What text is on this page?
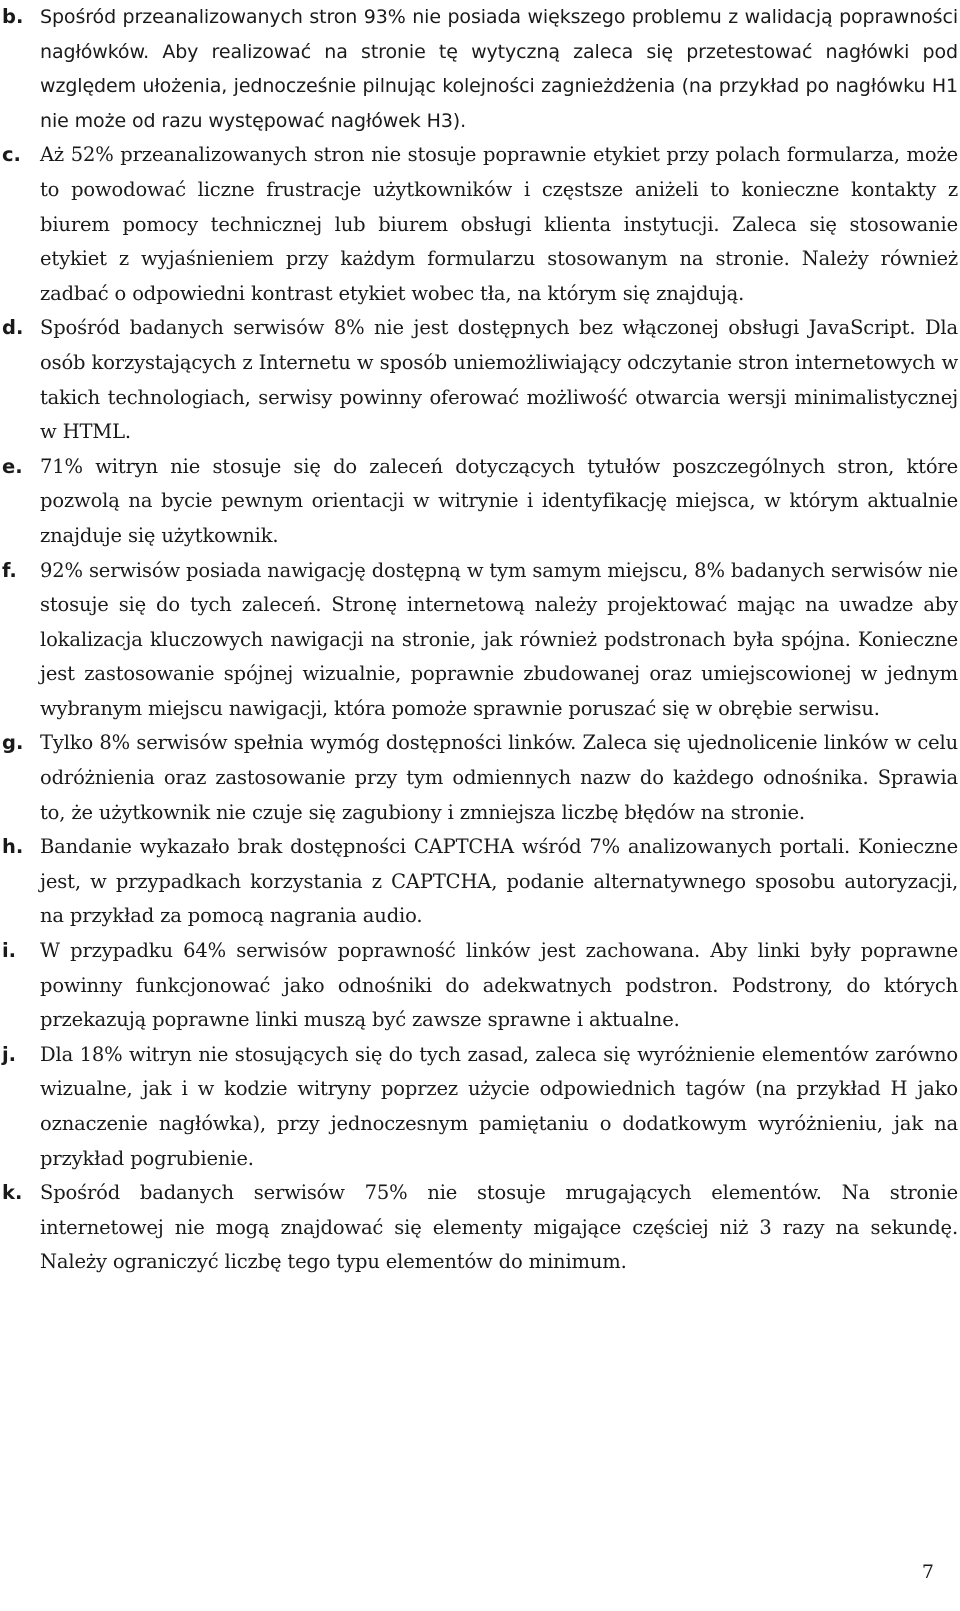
b. Spośród przeanalizowanych stron 93% nie posiada większego problemu z walidacją poprawności nagłówków. Aby realizować na stronie tę wytyczną zaleca się przetestować nagłówki pod względem ułożenia, jednocześnie pilnując kolejności zagnieżdżenia (na przykład po nagłówku H1 nie może od razu występować nagłówek H3).
c. Aż 52% przeanalizowanych stron nie stosuje poprawnie etykiet przy polach formularza, może to powodować liczne frustracje użytkowników i częstsze aniżeli to konieczne kontakty z biurem pomocy technicznej lub biurem obsługi klienta instytucji. Zaleca się stosowanie etykiet z wyjaśnieniem przy każdym formularzu stosowanym na stronie. Należy również zadbać o odpowiedni kontrast etykiet wobec tła, na którym się znajdują.
d. Spośród badanych serwisów 8% nie jest dostępnych bez włączonej obsługi JavaScript. Dla osób korzystających z Internetu w sposób uniemożliwiający odczytanie stron internetowych w takich technologiach, serwisy powinny oferować możliwość otwarcia wersji minimalistycznej w HTML.
e. 71% witryn nie stosuje się do zaleceń dotyczących tytułów poszczególnych stron, które pozwolą na bycie pewnym orientacji w witrynie i identyfikację miejsca, w którym aktualnie znajduje się użytkownik.
f.	92% serwisów posiada nawigację dostępną w tym samym miejscu, 8% badanych serwisów nie stosuje się do tych zaleceń. Stronę internetową należy projektować mając na uwadze aby lokalizacja kluczowych nawigacji na stronie, jak również podstronach była spójna. Konieczne jest zastosowanie spójnej wizualnie, poprawnie zbudowanej oraz umiejscowionej w jednym wybranym miejscu nawigacji, która pomoże sprawnie poruszać się w obrębie serwisu.
g. Tylko 8% serwisów spełnia wymóg dostępności linków. Zaleca się ujednolicenie linków w celu odróżnienia oraz zastosowanie przy tym odmiennych nazw do każdego odnośnika. Sprawia to, że użytkownik nie czuje się zagubiony i zmniejsza liczbę błędów na stronie.
h. Bandanie wykazało brak dostępności CAPTCHA wśród 7% analizowanych portali. Konieczne jest, w przypadkach korzystania z CAPTCHA, podanie alternatywnego sposobu autoryzacji, na przykład za pomocą nagrania audio.
i.	W przypadku 64% serwisów poprawność linków jest zachowana. Aby linki były poprawne powinny funkcjonować jako odnośniki do adekwatnych podstron. Podstrony, do których przekazują poprawne linki muszą być zawsze sprawne i aktualne.
j.	Dla 18% witryn nie stosujących się do tych zasad, zaleca się wyróżnienie elementów zarówno wizualne, jak i w kodzie witryny poprzez użycie odpowiednich tagów (na przykład H jako oznaczenie nagłówka), przy jednoczesnym pamiętaniu o dodatkowym wyróżnieniu, jak na przykład pogrubienie.
k. Spośród badanych serwisów 75% nie stosuje mrugających elementów. Na stronie internetowej nie mogą znajdować się elementy migające częściej niż 3 razy na sekundę. Należy ograniczyć liczbę tego typu elementów do minimum.
7
